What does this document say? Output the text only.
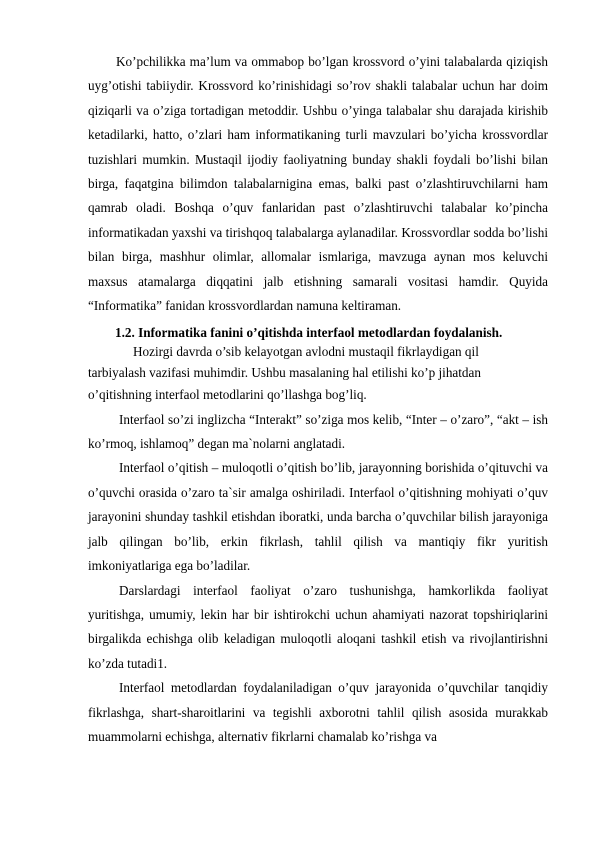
Ko’pchilikka ma’lum va ommabop bo’lgan krossvord o’yini talabalarda qiziqish uyg’otishi tabiiydir. Krossvord ko’rinishidagi so’rov shakli talabalar uchun har doim qiziqarli va o’ziga tortadigan metoddir. Ushbu o’yinga talabalar shu darajada kirishib ketadilarki, hatto, o’zlari ham informatikaning turli mavzulari bo’yicha krossvordlar tuzishlari mumkin. Mustaqil ijodiy faoliyatning bunday shakli foydali bo’lishi bilan birga, faqatgina bilimdon talabalarnigina emas, balki past o’zlashtiruvchilarni ham qamrab oladi. Boshqa o’quv fanlaridan past o’zlashtiruvchi talabalar ko’pincha informatikadan yaxshi va tirishqoq talabalarga aylanadilar. Krossvordlar sodda bo’lishi bilan birga, mashhur olimlar, allomalar ismlariga, mavzuga aynan mos keluvchi maxsus atamalarga diqqatini jalb etishning samarali vositasi hamdir. Quyida “Informatika” fanidan krossvordlardan namuna keltiraman.

1.2. Informatika fanini o’qitishda interfaol metodlardan foydalanish.

Hozirgi davrda o’sib kelayotgan avlodni mustaqil fikrlaydigan qil

tarbiyalash vazifasi muhimdir. Ushbu masalaning hal etilishi ko’p jihatdan

o’qitishning interfaol metodlarini qo’llashga bog’liq.

Interfaol so’zi inglizcha “Interakt” so’ziga mos kelib, “Inter – o’zaro”, “akt – ish ko’rmoq, ishlamoq” degan ma`nolarni anglatadi.

Interfaol o’qitish – muloqotli o’qitish bo’lib, jarayonning borishida o’qituvchi va o’quvchi orasida o’zaro ta`sir amalga oshiriladi. Interfaol o’qitishning mohiyati o’quv jarayonini shunday tashkil etishdan iboratki, unda barcha o’quvchilar bilish jarayoniga jalb qilingan bo’lib, erkin fikrlash, tahlil qilish va mantiqiy fikr yuritish imkoniyatlariga ega bo’ladilar.

Darslardagi interfaol faoliyat o’zaro tushunishga, hamkorlikda faoliyat yuritishga, umumiy, lekin har bir ishtirokchi uchun ahamiyati nazorat topshiriqlarini birgalikda echishga olib keladigan muloqotli aloqani tashkil etish va rivojlantirishni ko’zda tutadi1.

Interfaol metodlardan foydalaniladigan o’quv jarayonida o’quvchilar tanqidiy fikrlashga, shart-sharoitlarini va tegishli axborotni tahlil qilish asosida murakkab muammolarni echishga, alternativ fikrlarni chamalab ko’rishga va
